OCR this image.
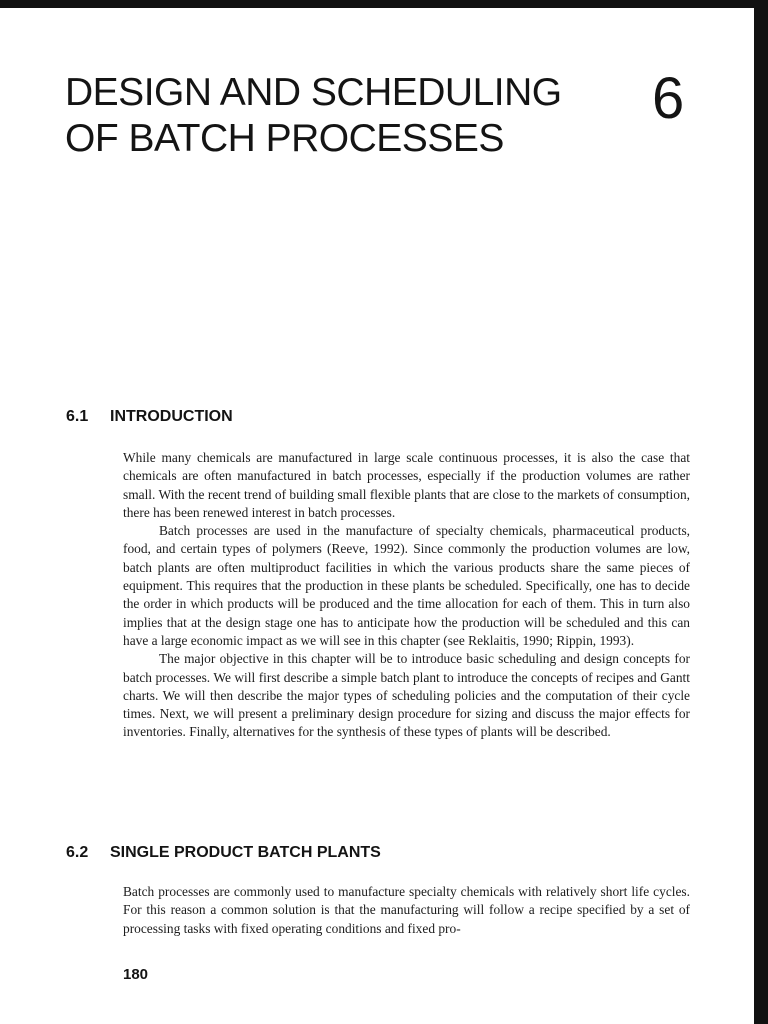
DESIGN AND SCHEDULING
OF BATCH PROCESSES
6
6.1 INTRODUCTION

While many chemicals are manufactured in large scale continuous processes, it is also the case that chemicals are often manufactured in batch processes, especially if the production volumes are rather small. With the recent trend of building small flexible plants that are close to the markets of consumption, there has been renewed interest in batch processes.

Batch processes are used in the manufacture of specialty chemicals, pharmaceutical products, food, and certain types of polymers (Reeve, 1992). Since commonly the production volumes are low, batch plants are often multiproduct facilities in which the various products share the same pieces of equipment. This requires that the production in these plants be scheduled. Specifically, one has to decide the order in which products will be produced and the time allocation for each of them. This in turn also implies that at the design stage one has to anticipate how the production will be scheduled and this can have a large economic impact as we will see in this chapter (see Reklaitis, 1990; Rippin, 1993).

The major objective in this chapter will be to introduce basic scheduling and design concepts for batch processes. We will first describe a simple batch plant to introduce the concepts of recipes and Gantt charts. We will then describe the major types of scheduling policies and the computation of their cycle times. Next, we will present a preliminary design procedure for sizing and discuss the major effects for inventories. Finally, alternatives for the synthesis of these types of plants will be described.

6.2 SINGLE PRODUCT BATCH PLANTS

Batch processes are commonly used to manufacture specialty chemicals with relatively short life cycles. For this reason a common solution is that the manufacturing will follow a recipe specified by a set of processing tasks with fixed operating conditions and fixed pro-

180
